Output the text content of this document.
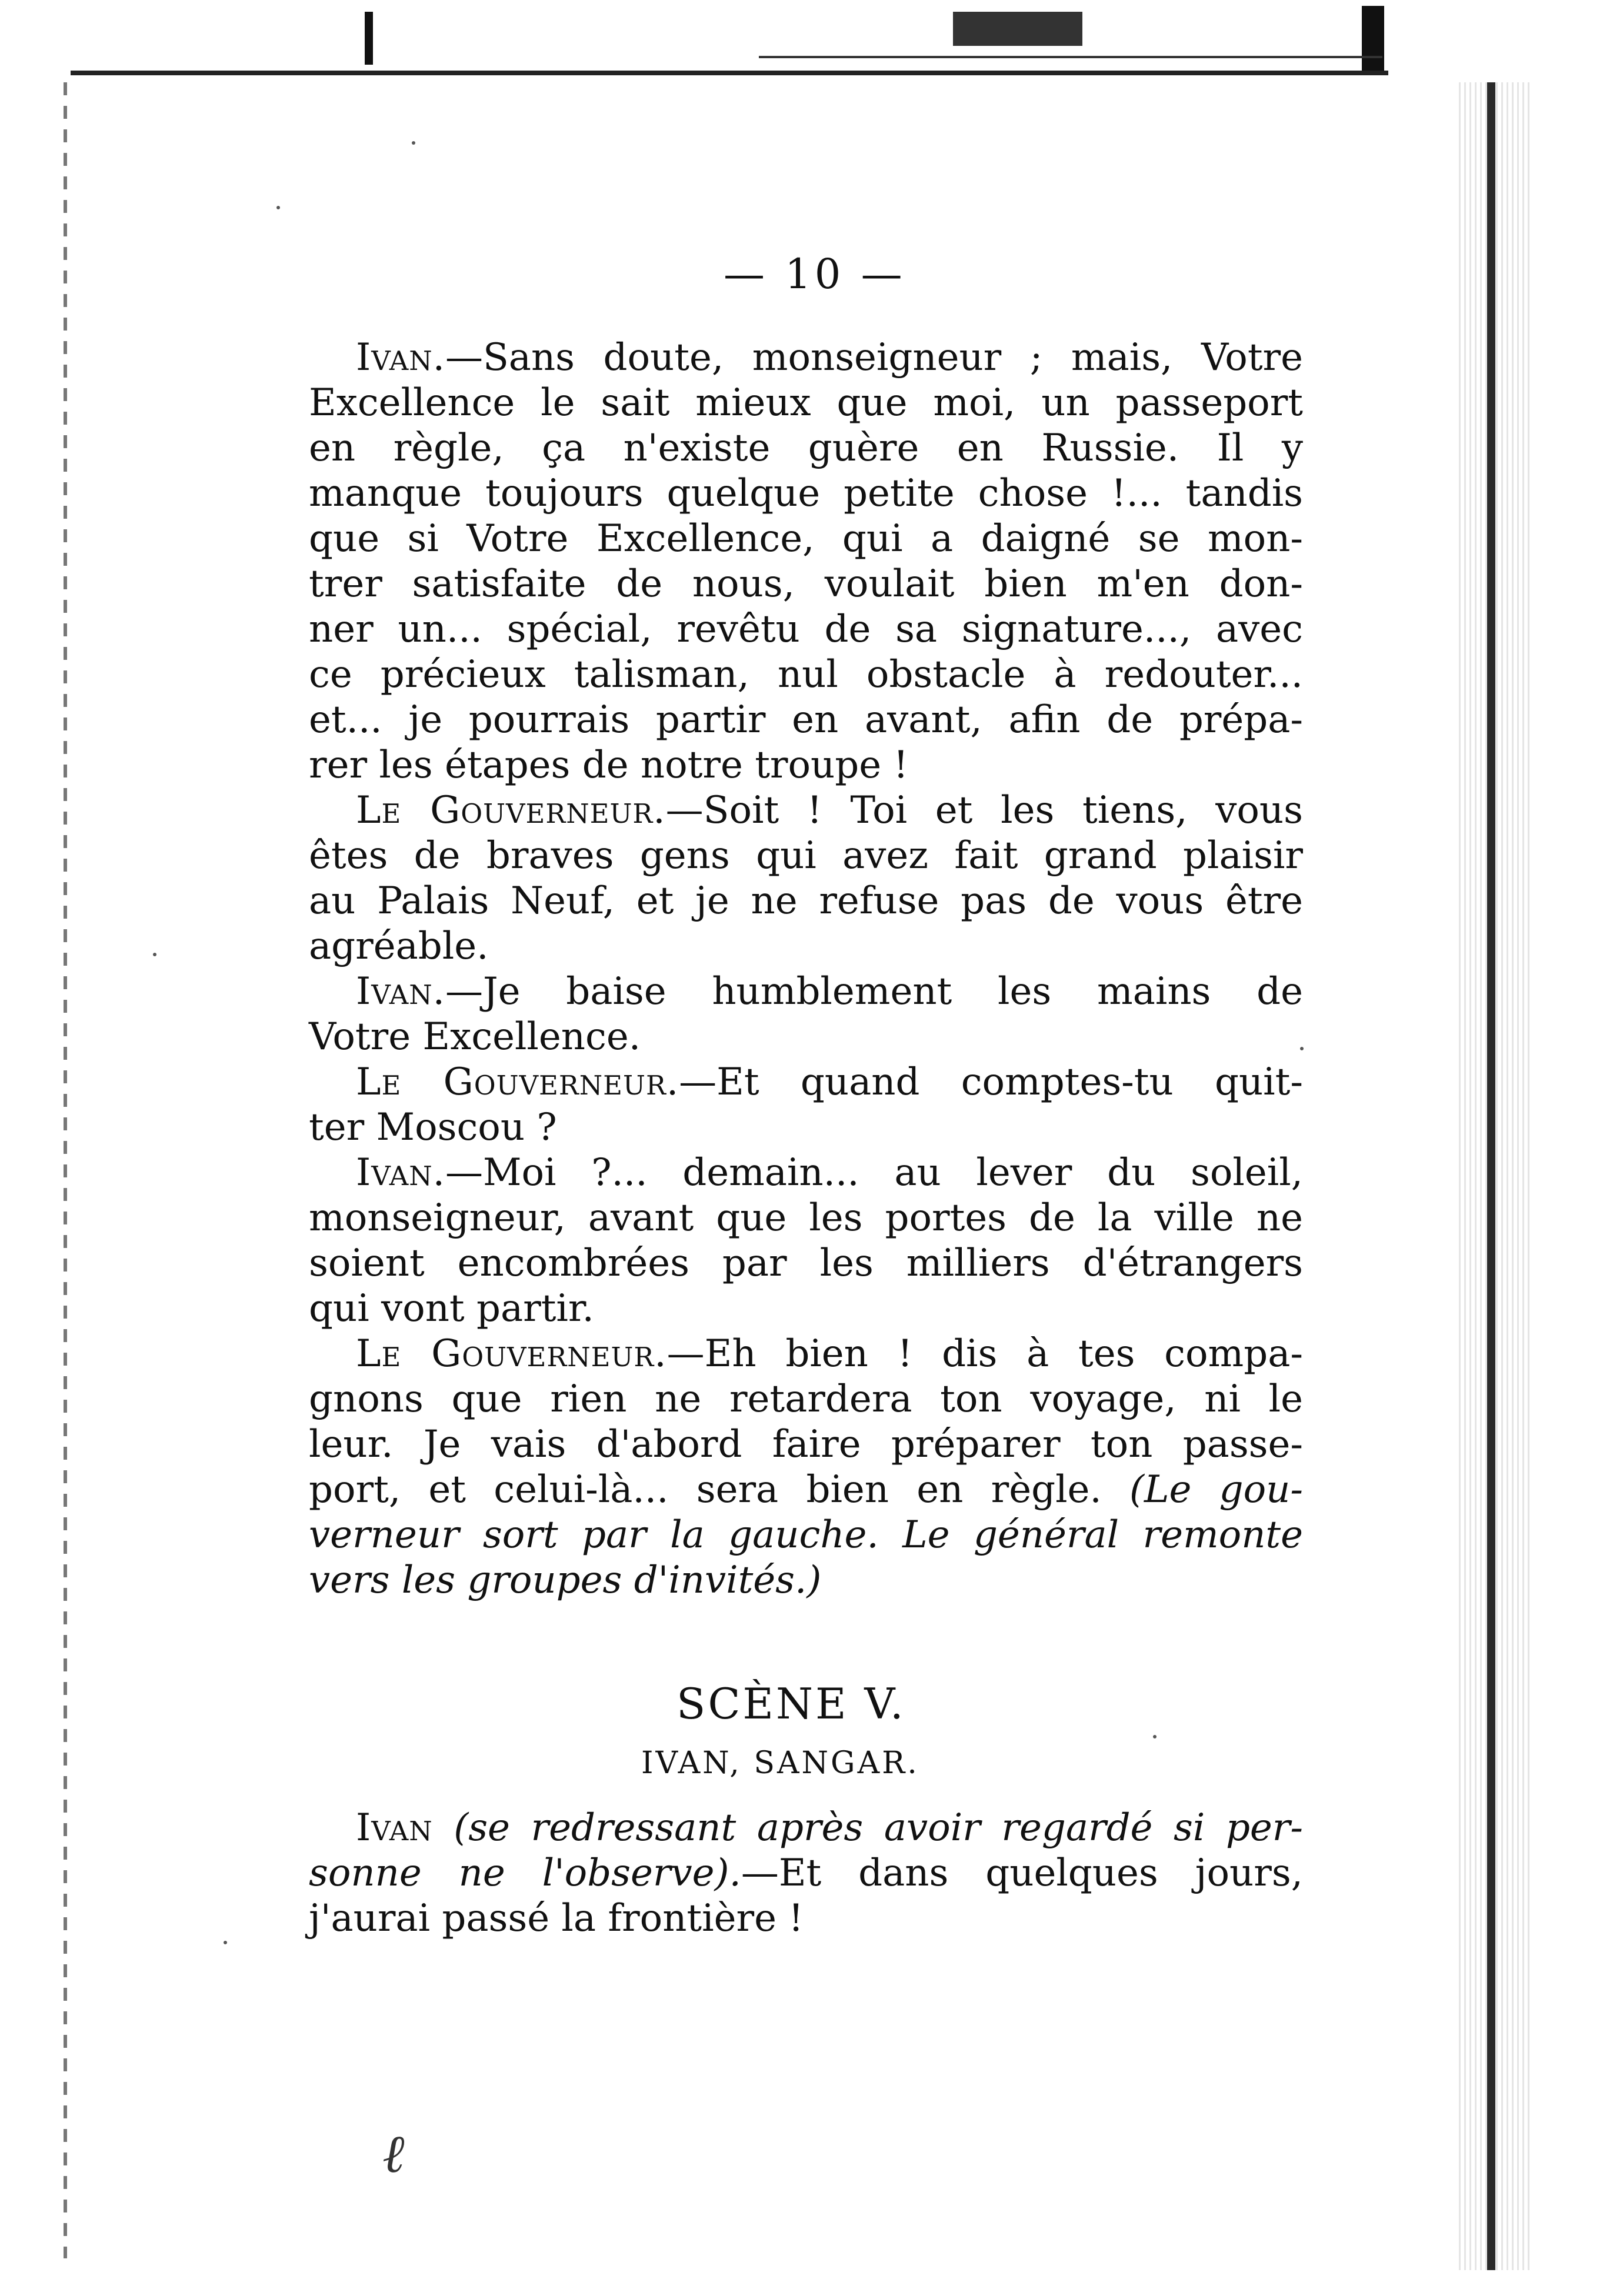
— 10 —
Ivan.—Sans doute, monseigneur ; mais, Votre
Excellence le sait mieux que moi, un passeport
en règle, ça n'existe guère en Russie. Il y
manque toujours quelque petite chose !... tandis
que si Votre Excellence, qui a daigné se mon-
trer satisfaite de nous, voulait bien m'en don-
ner un... spécial, revêtu de sa signature..., avec
ce précieux talisman, nul obstacle à redouter...
et... je pourrais partir en avant, afin de prépa-
rer les étapes de notre troupe !
Le Gouverneur.—Soit ! Toi et les tiens, vous
êtes de braves gens qui avez fait grand plaisir
au Palais Neuf, et je ne refuse pas de vous être
agréable.
Ivan.—Je baise humblement les mains de
Votre Excellence.
Le Gouverneur.—Et quand comptes-tu quit-
ter Moscou ?
Ivan.—Moi ?... demain... au lever du soleil,
monseigneur, avant que les portes de la ville ne
soient encombrées par les milliers d'étrangers
qui vont partir.
Le Gouverneur.—Eh bien ! dis à tes compa-
gnons que rien ne retardera ton voyage, ni le
leur. Je vais d'abord faire préparer ton passe-
port, et celui-là... sera bien en règle. (Le gou-
verneur sort par la gauche. Le général remonte
vers les groupes d'invités.)
SCÈNE V.
IVAN, SANGAR.
Ivan (se redressant après avoir regardé si per-
sonne ne l'observe).—Et dans quelques jours,
j'aurai passé la frontière !
ℓ
